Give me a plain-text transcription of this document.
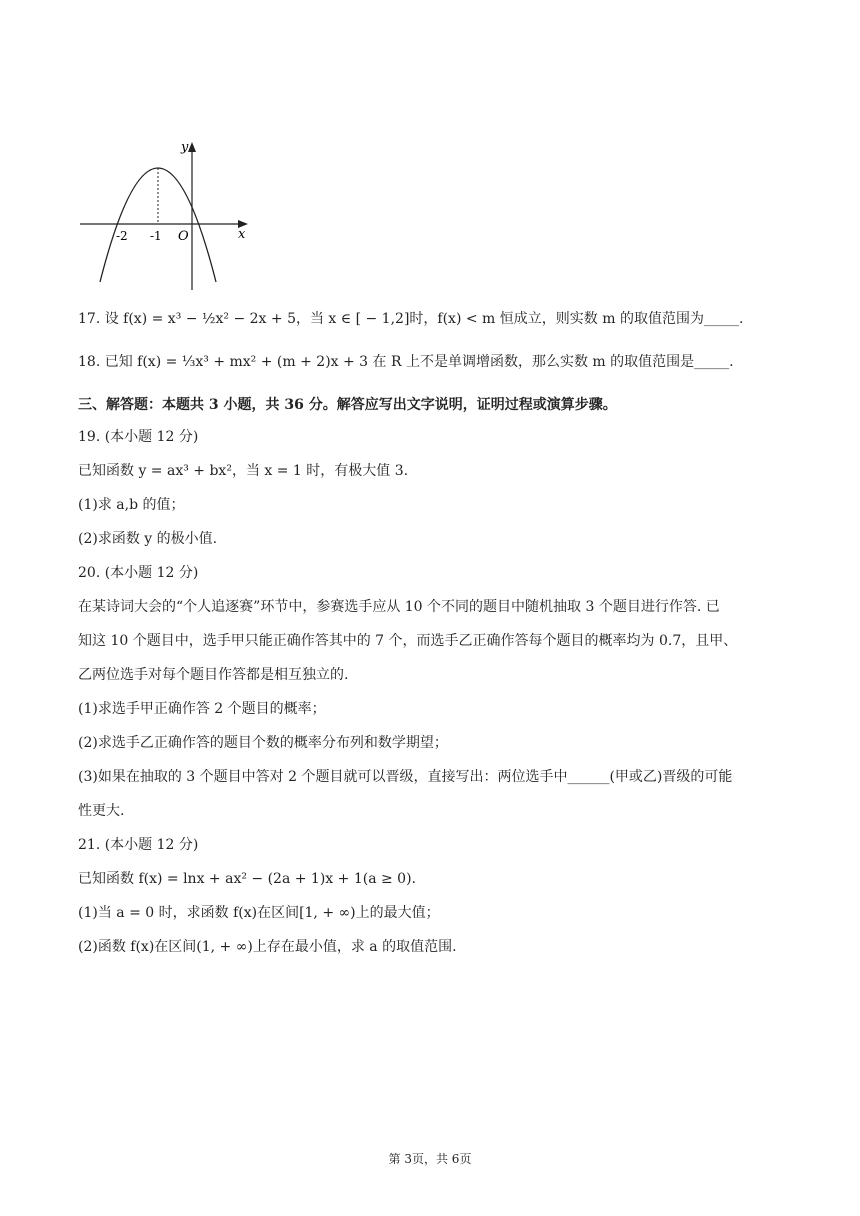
y
x
O
-2 -1
17. 设 f(x) = x³ − ½x² − 2x + 5，当 x ∈ [ − 1,2]时，f(x) < m 恒成立，则实数 m 的取值范围为_____.
18. 已知 f(x) = ⅓x³ + mx² + (m + 2)x + 3 在 R 上不是单调增函数，那么实数 m 的取值范围是_____.
三、解答题：本题共 3 小题，共 36 分。解答应写出文字说明，证明过程或演算步骤。
19. (本小题 12 分)
已知函数 y = ax³ + bx²，当 x = 1 时，有极大值 3.
(1)求 a,b 的值；
(2)求函数 y 的极小值.
20. (本小题 12 分)
在某诗词大会的“个人追逐赛”环节中，参赛选手应从 10 个不同的题目中随机抽取 3 个题目进行作答. 已
知这 10 个题目中，选手甲只能正确作答其中的 7 个，而选手乙正确作答每个题目的概率均为 0.7，且甲、
乙两位选手对每个题目作答都是相互独立的.
(1)求选手甲正确作答 2 个题目的概率；
(2)求选手乙正确作答的题目个数的概率分布列和数学期望；
(3)如果在抽取的 3 个题目中答对 2 个题目就可以晋级，直接写出：两位选手中______(甲或乙)晋级的可能
性更大.
21. (本小题 12 分)
已知函数 f(x) = lnx + ax² − (2a + 1)x + 1(a ≥ 0).
(1)当 a = 0 时，求函数 f(x)在区间[1, + ∞)上的最大值；
(2)函数 f(x)在区间(1, + ∞)上存在最小值，求 a 的取值范围.
第 3页，共 6页
